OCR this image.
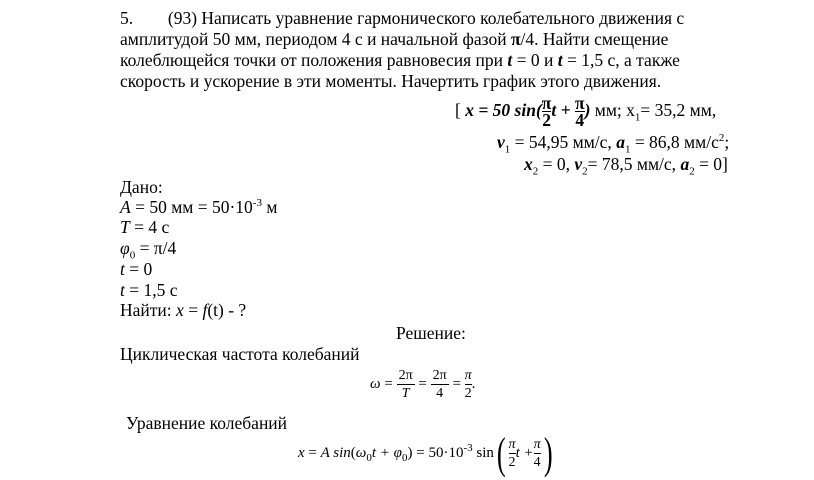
5. (93) Написать уравнение гармонического колебательного движения с
амплитудой 50 мм, периодом 4 с и начальной фазой π/4. Найти смещение
колеблющейся точки от положения равновесия при t = 0 и t = 1,5 с, а также
скорость и ускорение в эти моменты. Начертить график этого движения.
[ x = 50 $\sin( \frac{\pi}{2}$ $t + \frac{\pi}{4}$ ) мм; $x_1= 35,2$ мм,
$v_1 = 54,95$ мм/с, $a_1 = 86,8$ $мм/с^2$;
$x_2 = 0$, $v_2= 78,5$ мм/с, $a_2 = 0$]
Дано:
A = 50 мм = $50\cdot 10^{-3}$ м
T = 4 с
$\varphi_0 = \pi/4$
t = 0
t = 1,5 с
Найти: x = f(t) - ?
Решение:
Циклическая частота колебаний
$\omega = \frac{2\pi}{T} = \frac{2\pi}{4} = \frac{\pi}{2}$ .
Уравнение колебаний
x = A $\sin(\omega_0t + \varphi_0) = 50\cdot 10^{-3}$ $\sin( \frac{\pi}{2}$ $t + \frac{\pi}{4}$ )
